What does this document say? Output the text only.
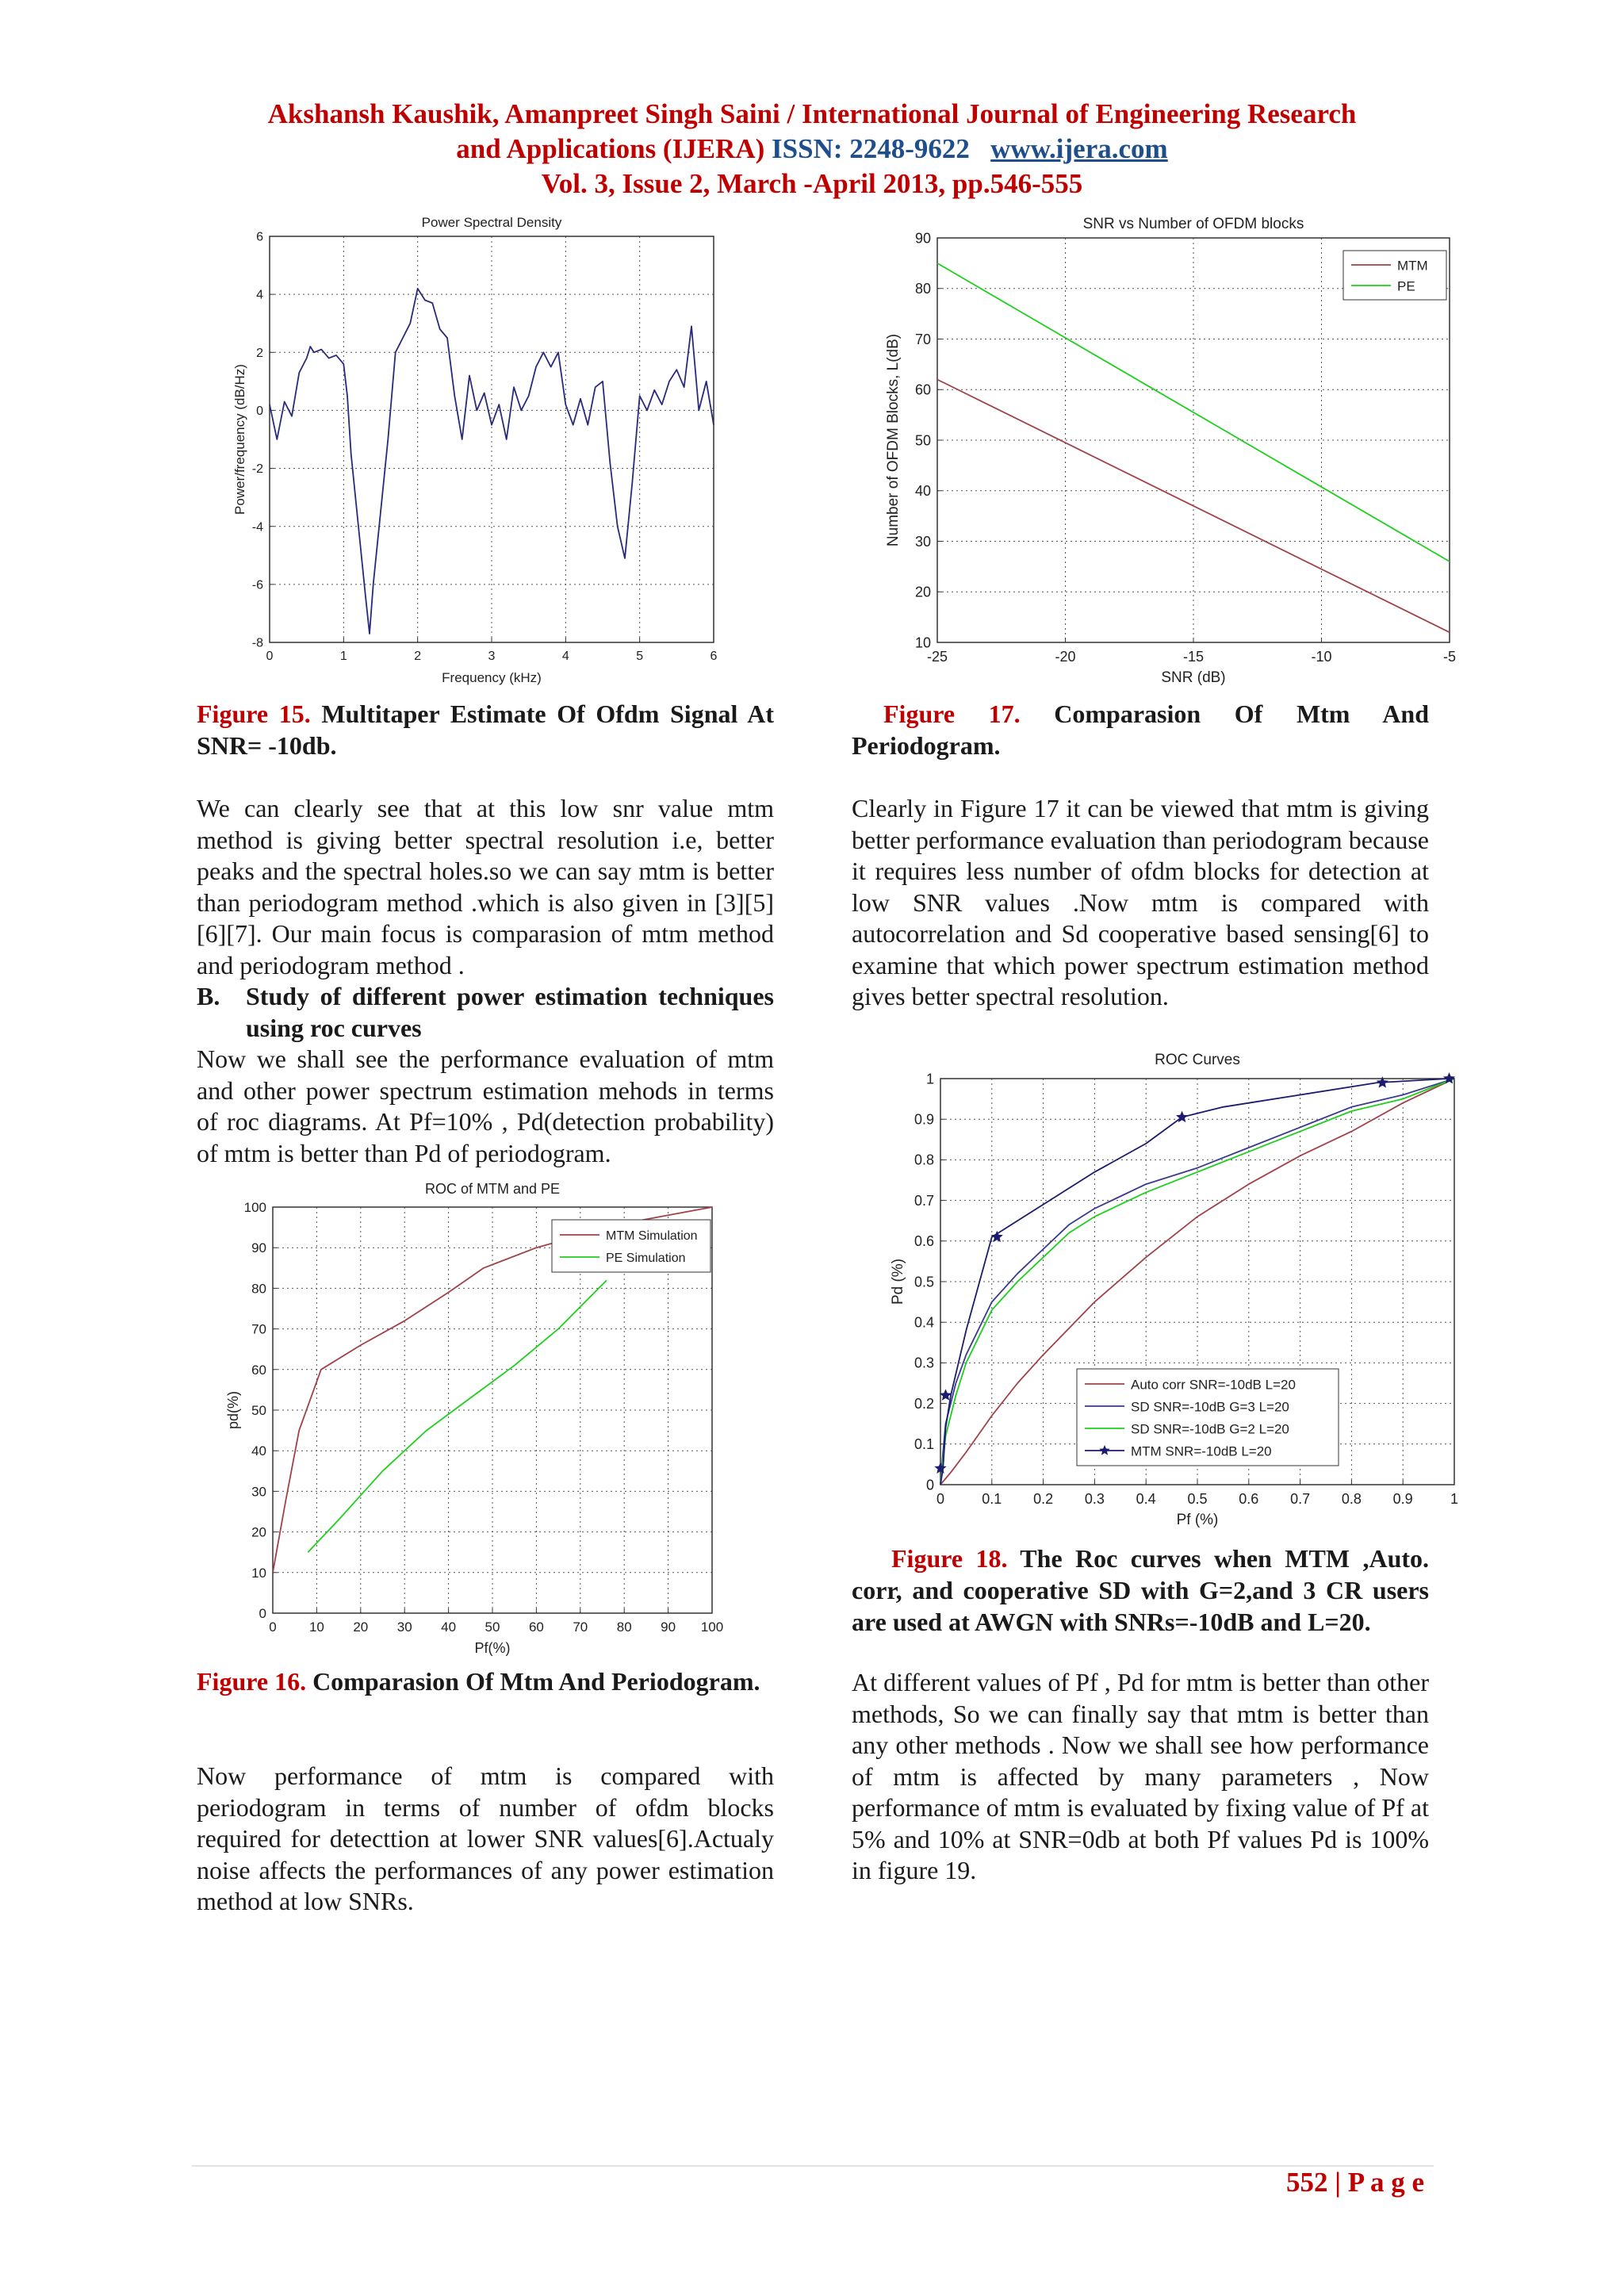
Akshansh Kaushik, Amanpreet Singh Saini / International Journal of Engineering Research
and Applications (IJERA) ISSN: 2248-9622 www.ijera.com
Vol. 3, Issue 2, March -April 2013, pp.546-555
0	1	2	3	4	5	6
-8
-6
-4
-2
0
2
4
6
Power Spectral Density
Frequency (kHz)
Power/frequency (dB/Hz)
-25	-20	-15	-10	-5
10
20
30
40
50
60
70
80
90
SNR vs Number of OFDM blocks
SNR (dB)
Number of OFDM Blocks, L(dB)
MTM
PE
Figure 15. Multitaper Estimate Of Ofdm Signal At SNR= -10db.
Figure 17. Comparasion Of Mtm And Periodogram.

We can clearly see that at this low snr value mtm method is giving better spectral resolution i.e, better peaks and the spectral holes.so we can say mtm is better than periodogram method .which is also given in [3][5][6][7]. Our main focus is comparasion of mtm method and periodogram method .

B.	Study of different power estimation techniques using roc curves

Now we shall see the performance evaluation of mtm and other power spectrum estimation mehods in terms of roc diagrams. At Pf=10% , Pd(detection probability) of mtm is better than Pd of periodogram.

Clearly in Figure 17 it can be viewed that mtm is giving better performance evaluation than periodogram because it requires less number of ofdm blocks for detection at low SNR values .Now mtm is compared with autocorrelation and Sd cooperative based sensing[6] to examine that which power spectrum estimation method gives better spectral resolution.

0	0.1 0.2 0.3 0.4 0.5 0.6 0.7 0.8 0.9	1
0
0.1
0.2
0.3
0.4
0.5
0.6
0.7
0.8
0.9
1
ROC Curves
Pf (%)
Pd (%)
Auto corr SNR=-10dB L=20
SD SNR=-10dB G=3 L=20
SD SNR=-10dB G=2 L=20
MTM SNR=-10dB L=20
0 10 20 30 40 50 60 70 80 90 100
0
10
20
30
40
50
60
70
80
90
100
ROC of MTM and PE
Pf(%)
pd(%)
MTM Simulation
PE Simulation
Figure 18. The Roc curves when MTM ,Auto. corr, and cooperative SD with G=2,and 3 CR users are used at AWGN with SNRs=-10dB and L=20.

At different values of Pf , Pd for mtm is better than other methods, So we can finally say that mtm is better than any other methods . Now we shall see how performance of mtm is affected by many parameters , Now performance of mtm is evaluated by fixing value of Pf at 5% and 10% at SNR=0db at both Pf values Pd is 100% in figure 19.

Figure 16. Comparasion Of Mtm And Periodogram.

Now performance of mtm is compared with periodogram in terms of number of ofdm blocks required for detecttion at lower SNR values[6].Actualy noise affects the performances of any power estimation method at low SNRs.

552 | P a g e
